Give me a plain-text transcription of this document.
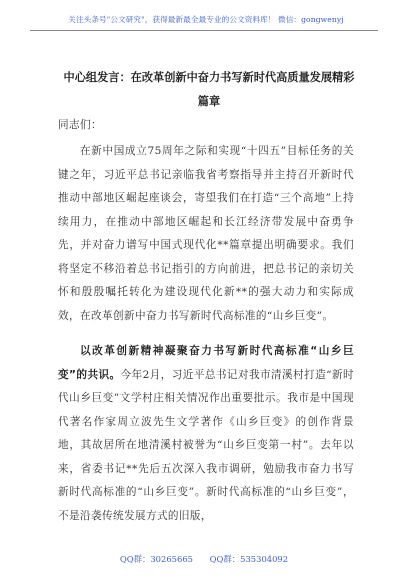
关注头条号"公文研究"，获得最新最全最专业的公文资料库！ 微信：gongwenyj
中心组发言：在改革创新中奋力书写新时代高质量发展精彩篇章
同志们：
在新中国成立75周年之际和实现“十四五”目标任务的关键之年，习近平总书记亲临我省考察指导并主持召开新时代推动中部地区崛起座谈会，寄望我们在打造“三个高地”上持续用力，在推动中部地区崛起和长江经济带发展中奋勇争先，并对奋力谱写中国式现代化**篇章提出明确要求。我们将坚定不移沿着总书记指引的方向前进，把总书记的亲切关怀和殷殷嘱托转化为建设现代化新**的强大动力和实际成效，在改革创新中奋力书写新时代高标准的“山乡巨变”。
以改革创新精神凝聚奋力书写新时代高标准“山乡巨变”的共识。今年2月，习近平总书记对我市清溪村打造“新时代山乡巨变”文学村庄相关情况作出重要批示。我市是中国现代著名作家周立波先生文学著作《山乡巨变》的创作背景地，其故居所在地清溪村被誉为“山乡巨变第一村”。去年以来，省委书记**先后五次深入我市调研，勉励我市奋力书写新时代高标准的“山乡巨变”。新时代高标准的“山乡巨变”，不是沿袭传统发展方式的旧版，
QQ群：30265665 QQ群：535304092
